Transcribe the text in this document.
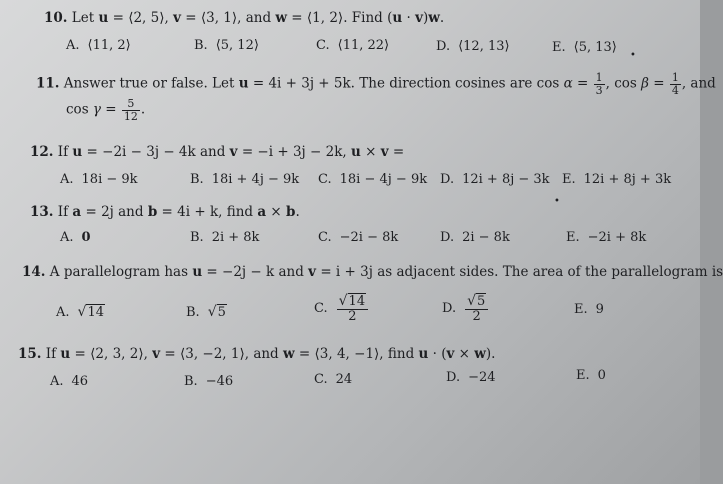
10. Let u = ⟨2, 5⟩, v = ⟨3, 1⟩, and w = ⟨1, 2⟩. Find (u · v)w.
A. ⟨11, 2⟩	B. ⟨5, 12⟩	C. ⟨11, 22⟩	D. ⟨12, 13⟩	E. ⟨5, 13⟩
•
11. Answer true or false. Let u = 4i + 3j + 5k. The direction cosines are $\cos \alpha = \frac{1}{3}$ , $\cos \beta = \frac{1}{4}$ , and
$\cos \gamma = \frac{5}{12}$ .
12. If u = −2i − 3j − 4k and v = −i + 3j − 2k, u × v =
A. 18i − 9k	B. 18i + 4j − 9k C. 18i − 4j − 9k D. 12i + 8j − 3k E. 12i + 8j + 3k
•
13. If a = 2j and b = 4i + k, find a × b.
A. 0	B. 2i + 8k	C. −2i − 8k	D. 2i − 8k	E. −2i + 8k
14. A parallelogram has u = −2j − k and v = i + 3j as adjacent sides. The area of the parallelogram is
A. √14	B. √5	C. $\frac{√14}{2}$	D. $\frac{√5}{2}$	E. 9
15. If u = ⟨2, 3, 2⟩, v = ⟨3, −2, 1⟩, and w = ⟨3, 4, −1⟩, find u · (v × w).
A. 46	B. −46	C. 24	D. −24	E. 0
